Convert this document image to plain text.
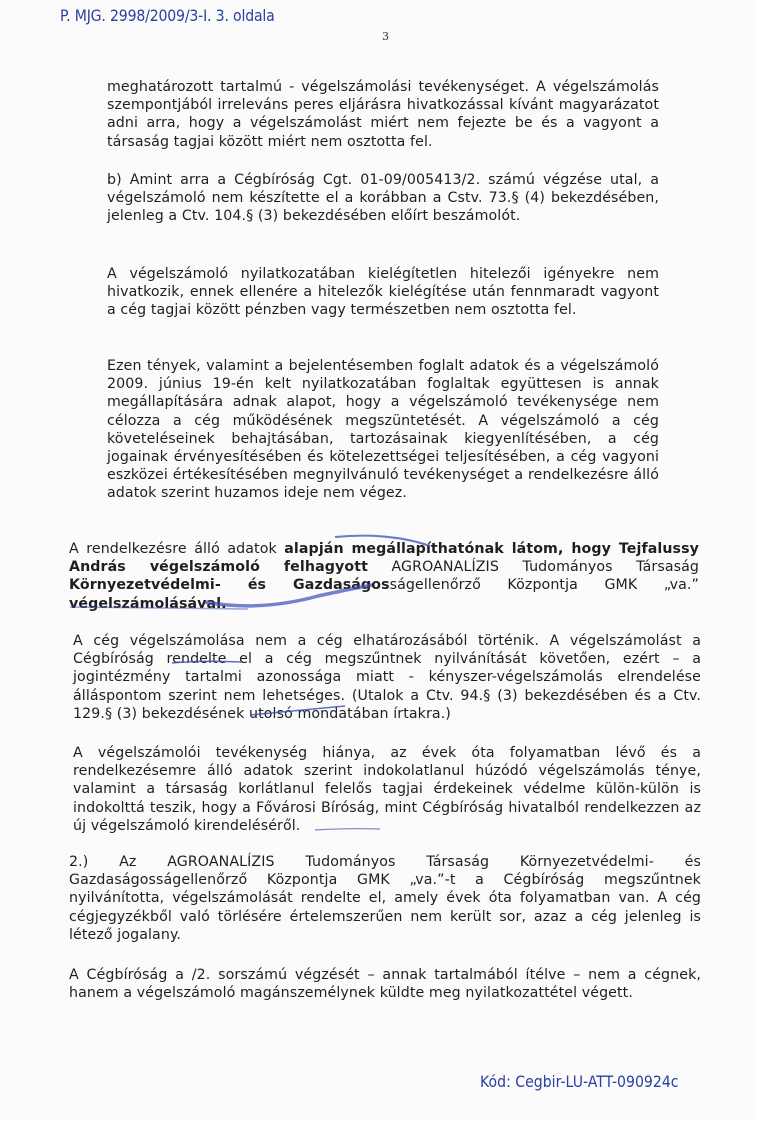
P. MJG. 2998/2009/3-I. 3. oldala
3

meghatározott tartalmú - végelszámolási tevékenységet. A végelszámolás szempontjából irreleváns peres eljárásra hivatkozással kívánt magyarázatot adni arra, hogy a végelszámolást miért nem fejezte be és a vagyont a társaság tagjai között miért nem osztotta fel.

b) Amint arra a Cégbíróság Cgt. 01-09/005413/2. számú végzése utal, a végelszámoló nem készítette el a korábban a Cstv. 73.§ (4) bekezdésében, jelenleg a Ctv. 104.§ (3) bekezdésében előírt beszámolót.

A végelszámoló nyilatkozatában kielégítetlen hitelezői igényekre nem hivatkozik, ennek ellenére a hitelezők kielégítése után fennmaradt vagyont a cég tagjai között pénzben vagy természetben nem osztotta fel.

Ezen tények, valamint a bejelentésemben foglalt adatok és a végelszámoló 2009. június 19-én kelt nyilatkozatában foglaltak együttesen is annak megállapítására adnak alapot, hogy a végelszámoló tevékenysége nem célozza a cég működésének megszüntetését. A végelszámoló a cég követeléseinek behajtásában, tartozásainak kiegyenlítésében, a cég jogainak érvényesítésében és kötelezettségei teljesítésében, a cég vagyoni eszközei értékesítésében megnyilvánuló tevékenységet a rendelkezésre álló adatok szerint huzamos ideje nem végez.

A rendelkezésre álló adatok alapján megállapíthatónak látom, hogy Tejfalussy András végelszámoló felhagyott AGROANALÍZIS Tudományos Társaság Környezetvédelmi- és Gazdaságosságellenőrző Központja GMK „va.” végelszámolásával.

A cég végelszámolása nem a cég elhatározásából történik. A végelszámolást a Cégbíróság rendelte el a cég megszűntnek nyilvánítását követően, ezért – a jogintézmény tartalmi azonossága miatt - kényszer-végelszámolás elrendelése álláspontom szerint nem lehetséges. (Utalok a Ctv. 94.§ (3) bekezdésében és a Ctv. 129.§ (3) bekezdésének utolsó mondatában írtakra.)

A végelszámolói tevékenység hiánya, az évek óta folyamatban lévő és a rendelkezésemre álló adatok szerint indokolatlanul húzódó végelszámolás ténye, valamint a társaság korlátlanul felelős tagjai érdekeinek védelme külön-külön is indokolttá teszik, hogy a Fővárosi Bíróság, mint Cégbíróság hivatalból rendelkezzen az új végelszámoló kirendeléséről.

2.) Az AGROANALÍZIS Tudományos Társaság Környezetvédelmi- és Gazdaságosságellenőrző Központja GMK „va.”-t a Cégbíróság megszűntnek nyilvánította, végelszámolását rendelte el, amely évek óta folyamatban van. A cég cégjegyzékből való törlésére értelemszerűen nem került sor, azaz a cég jelenleg is létező jogalany.

A Cégbíróság a /2. sorszámú végzését – annak tartalmából ítélve – nem a cégnek, hanem a végelszámoló magánszemélynek küldte meg nyilatkozattétel végett.

Kód: Cegbir-LU-ATT-090924c
